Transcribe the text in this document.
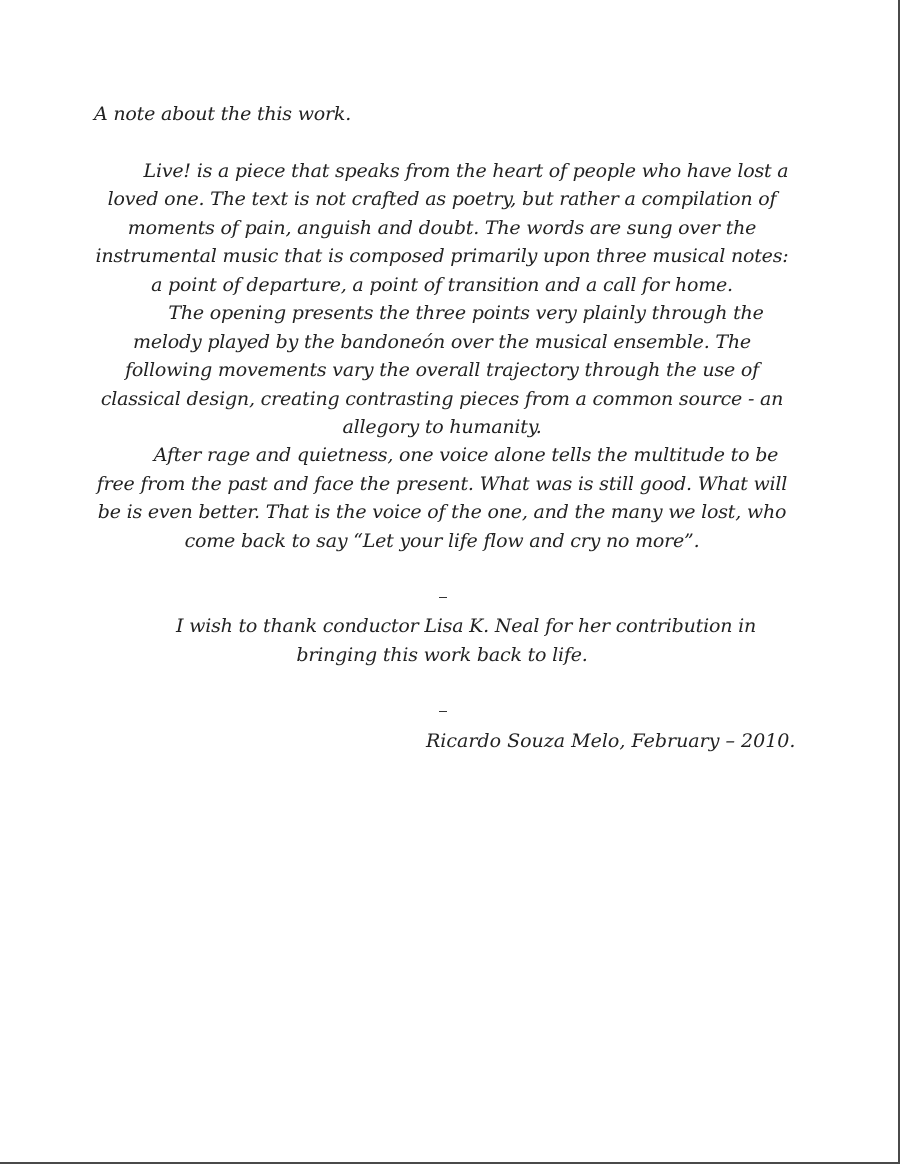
A note about the this work.
Live! is a piece that speaks from the heart of people who have lost a
loved one. The text is not crafted as poetry, but rather a compilation of
moments of pain, anguish and doubt. The words are sung over the
instrumental music that is composed primarily upon three musical notes:
a point of departure, a point of transition and a call for home.
The opening presents the three points very plainly through the
melody played by the bandoneón over the musical ensemble. The
following movements vary the overall trajectory through the use of
classical design, creating contrasting pieces from a common source - an
allegory to humanity.
After rage and quietness, one voice alone tells the multitude to be
free from the past and face the present. What was is still good. What will
be is even better. That is the voice of the one, and the many we lost, who
come back to say “Let your life flow and cry no more”.
I wish to thank conductor Lisa K. Neal for her contribution in
bringing this work back to life.
Ricardo Souza Melo, February – 2010.
